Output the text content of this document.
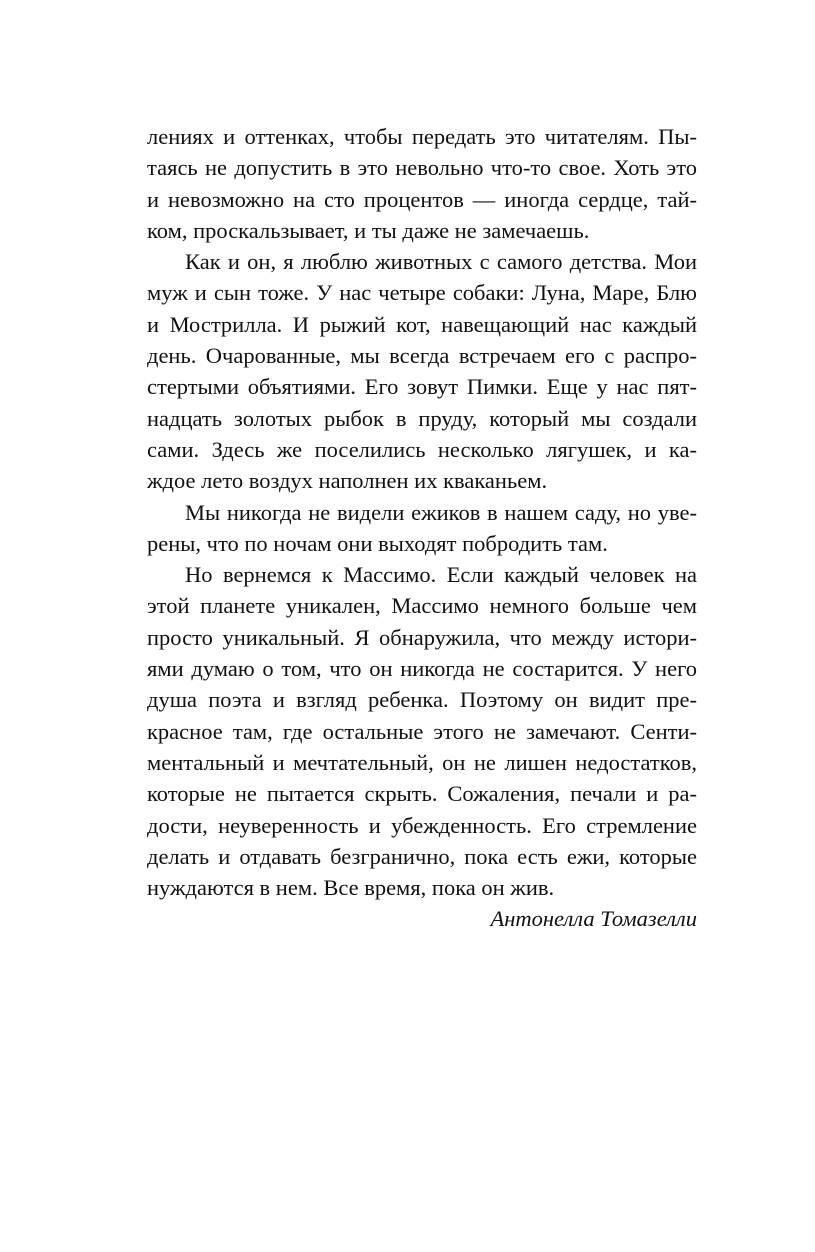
лениях и оттенках, чтобы передать это читателям. Пы-
таясь не допустить в это невольно что-то свое. Хоть это
и невозможно на сто процентов — иногда сердце, тай-
ком, проскальзывает, и ты даже не замечаешь.
Как и он, я люблю животных с самого детства. Мои
муж и сын тоже. У нас четыре собаки: Луна, Маре, Блю
и Мострилла. И рыжий кот, навещающий нас каждый
день. Очарованные, мы всегда встречаем его с распро-
стертыми объятиями. Его зовут Пимки. Еще у нас пят-
надцать золотых рыбок в пруду, который мы создали
сами. Здесь же поселились несколько лягушек, и ка-
ждое лето воздух наполнен их кваканьем.
Мы никогда не видели ежиков в нашем саду, но уве-
рены, что по ночам они выходят побродить там.
Но вернемся к Массимо. Если каждый человек на
этой планете уникален, Массимо немного больше чем
просто уникальный. Я обнаружила, что между истори-
ями думаю о том, что он никогда не состарится. У него
душа поэта и взгляд ребенка. Поэтому он видит пре-
красное там, где остальные этого не замечают. Сенти-
ментальный и мечтательный, он не лишен недостатков,
которые не пытается скрыть. Сожаления, печали и ра-
дости, неуверенность и убежденность. Его стремление
делать и отдавать безгранично, пока есть ежи, которые
нуждаются в нем. Все время, пока он жив.
Антонелла Томазелли
